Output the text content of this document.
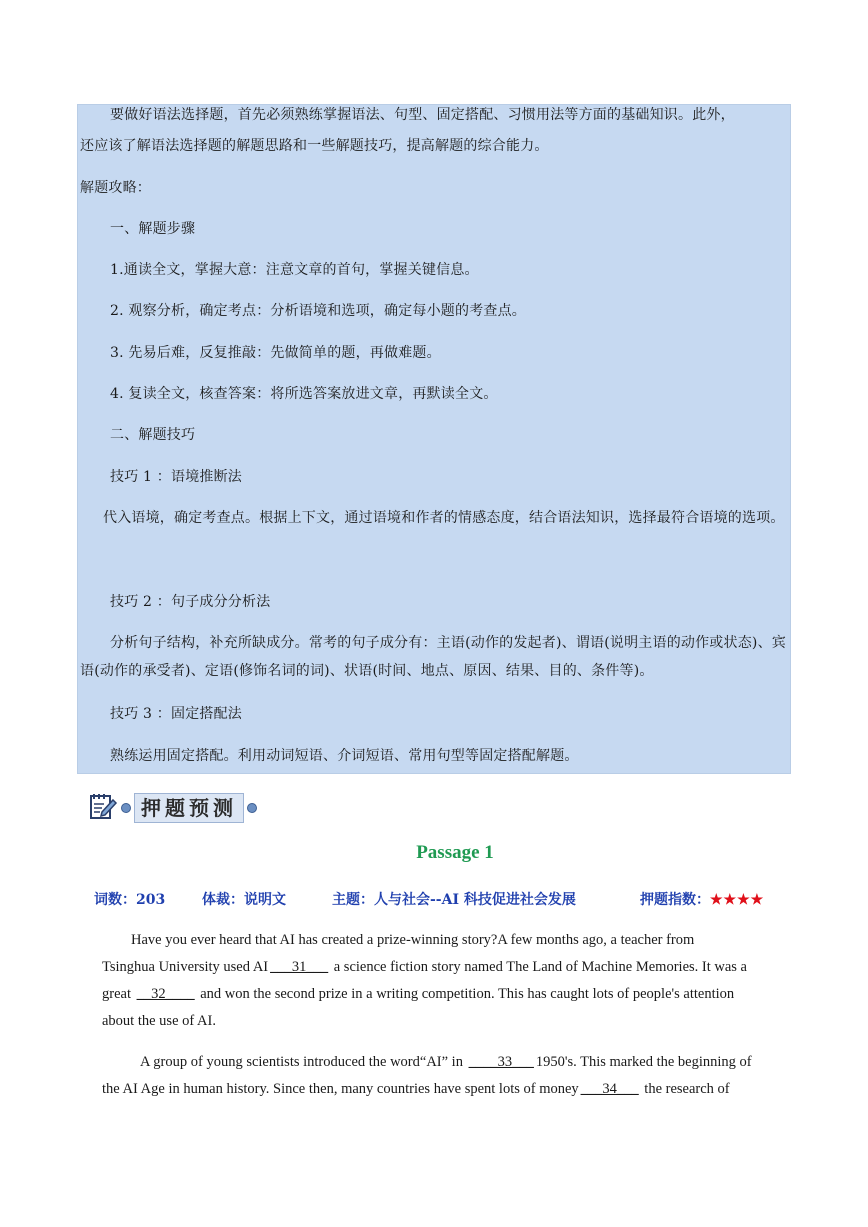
要做好语法选择题，首先必须熟练掌握语法、句型、固定搭配、习惯用法等方面的基础知识。此外，
还应该了解语法选择题的解题思路和一些解题技巧，提高解题的综合能力。
解题攻略：
一、解题步骤
1.通读全文，掌握大意：注意文章的首句，掌握关键信息。
2. 观察分析，确定考点：分析语境和选项，确定每小题的考查点。
3. 先易后难，反复推敲：先做简单的题，再做难题。
4. 复读全文，核查答案：将所选答案放进文章，再默读全文。
二、解题技巧
技巧 1 ：语境推断法
代入语境，确定考查点。根据上下文，通过语境和作者的情感态度，结合语法知识，选择最符合语境的选项。
技巧 2 ：句子成分分析法
分析句子结构，补充所缺成分。常考的句子成分有：主语(动作的发起者)、谓语(说明主语的动作或状态)、宾语(动作的承受者)、定语(修饰名词的词)、状语(时间、地点、原因、结果、目的、条件等)。
技巧 3 ：固定搭配法
熟练运用固定搭配。利用动词短语、介词短语、常用句型等固定搭配解题。
押题预测
Passage 1
词数：203	体裁：说明文	主题：人与社会--AI 科技促进社会发展	押题指数：★★★★
Have you ever heard that AI has created a prize-winning story?A few months ago, a teacher from
Tsinghua University used AI ___31___ a science fiction story named The Land of Machine Memories. It was a
great __32____ and won the second prize in a writing competition. This has caught lots of people's attention
about the use of AI.
A group of young scientists introduced the word“AI” in ____33___ 1950's. This marked the beginning of
the AI Age in human history. Since then, many countries have spent lots of money ___34___ the research of
